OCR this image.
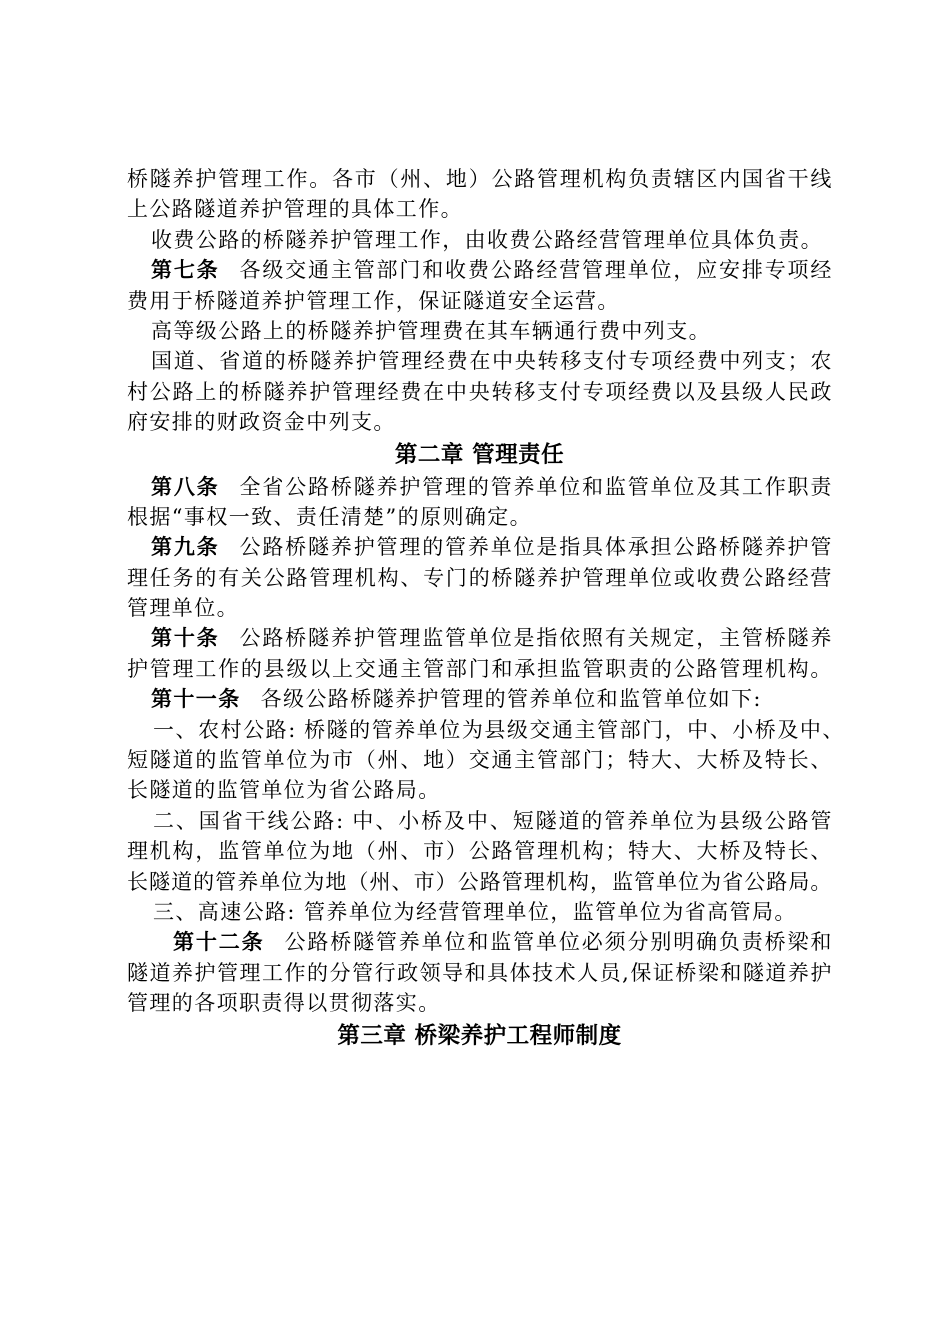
桥隧养护管理工作。各市（州、地）公路管理机构负责辖区内国省干线
上公路隧道养护管理的具体工作。
收费公路的桥隧养护管理工作，由收费公路经营管理单位具体负责。
第七条 各级交通主管部门和收费公路经营管理单位，应安排专项经
费用于桥隧道养护管理工作，保证隧道安全运营。
高等级公路上的桥隧养护管理费在其车辆通行费中列支。
国道、省道的桥隧养护管理经费在中央转移支付专项经费中列支；农
村公路上的桥隧养护管理经费在中央转移支付专项经费以及县级人民政
府安排的财政资金中列支。
第二章 管理责任
第八条 全省公路桥隧养护管理的管养单位和监管单位及其工作职责
根据“事权一致、责任清楚”的原则确定。
第九条 公路桥隧养护管理的管养单位是指具体承担公路桥隧养护管
理任务的有关公路管理机构、专门的桥隧养护管理单位或收费公路经营
管理单位。
第十条 公路桥隧养护管理监管单位是指依照有关规定，主管桥隧养
护管理工作的县级以上交通主管部门和承担监管职责的公路管理机构。
第十一条 各级公路桥隧养护管理的管养单位和监管单位如下:
一、农村公路: 桥隧的管养单位为县级交通主管部门，中、小桥及中、
短隧道的监管单位为市（州、地）交通主管部门；特大、大桥及特长、
长隧道的监管单位为省公路局。
二、国省干线公路: 中、小桥及中、短隧道的管养单位为县级公路管
理机构，监管单位为地（州、市）公路管理机构；特大、大桥及特长、
长隧道的管养单位为地（州、市）公路管理机构，监管单位为省公路局。
三、高速公路: 管养单位为经营管理单位，监管单位为省高管局。
第十二条 公路桥隧管养单位和监管单位必须分别明确负责桥梁和
隧道养护管理工作的分管行政领导和具体技术人员,保证桥梁和隧道养护
管理的各项职责得以贯彻落实。
第三章 桥梁养护工程师制度
